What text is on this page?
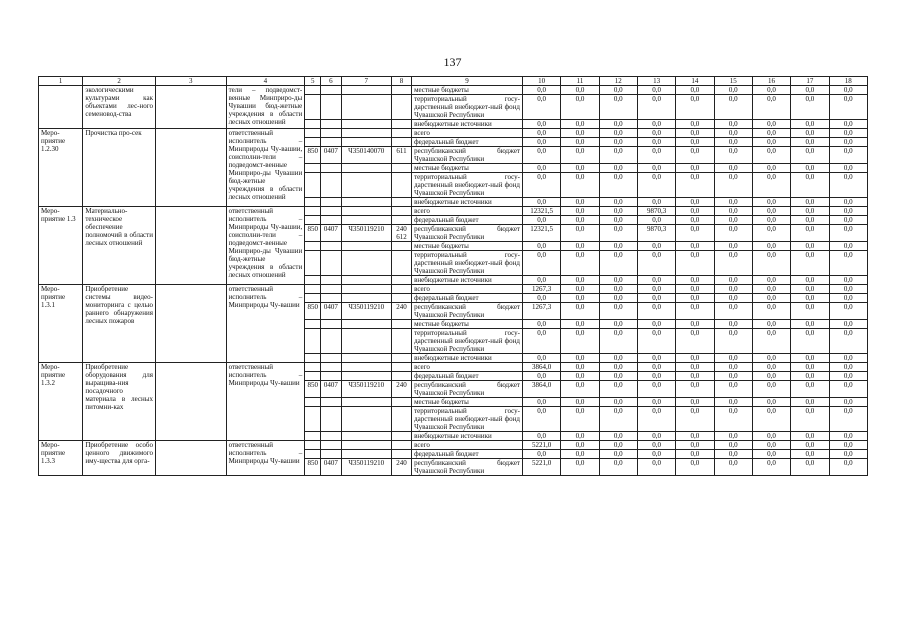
137
1	2	3	4	5	6	7	8	9	10	11	12	13	14	15	16	17	18
	экологическими культурами как объектами лес-ного семеновод-ства		тели – подведомст-венные Минприро-ды Чувашии бюд-жетные учреждения в области лесных отношений					местные бюджеты	0,0	0,0	0,0	0,0	0,0	0,0	0,0	0,0	0,0
								территориальный госу-дарственный внебюджет-ный фонд Чувашской Республики	0,0	0,0	0,0	0,0	0,0	0,0	0,0	0,0	0,0
								внебюджетные источники	0,0	0,0	0,0	0,0	0,0	0,0	0,0	0,0	0,0
Меро-приятие 1.2.30	Прочистка про-сек		ответственный исполнитель – Минприроды Чу-вашии, соисполни-тели – подведомст-венные Минприро-ды Чувашии бюд-жетные учреждения в области лесных отношений					всего	0,0	0,0	0,0	0,0	0,0	0,0	0,0	0,0	0,0
								федеральный бюджет	0,0	0,0	0,0	0,0	0,0	0,0	0,0	0,0	0,0
				850	0407	Ч350140070	611	республиканский бюджет Чувашской Республики	0,0	0,0	0,0	0,0	0,0	0,0	0,0	0,0	0,0
								местные бюджеты	0,0	0,0	0,0	0,0	0,0	0,0	0,0	0,0	0,0
								территориальный госу-дарственный внебюджет-ный фонд Чувашской Республики	0,0	0,0	0,0	0,0	0,0	0,0	0,0	0,0	0,0
								внебюджетные источники	0,0	0,0	0,0	0,0	0,0	0,0	0,0	0,0	0,0
Меро-приятие 1.3	Материально-техническое обеспечение полномочий в области лесных отношений		ответственный исполнитель – Минприроды Чу-вашии, соисполни-тели – подведомст-венные Минприро-ды Чувашии бюд-жетные учреждения в области лесных отношений					всего	12321,5	0,0	0,0	9870,3	0,0	0,0	0,0	0,0	0,0
								федеральный бюджет	0,0	0,0	0,0	0,0	0,0	0,0	0,0	0,0	0,0
				850	0407	Ч350119210	240 612	республиканский бюджет Чувашской Республики	12321,5	0,0	0,0	9870,3	0,0	0,0	0,0	0,0	0,0
								местные бюджеты	0,0	0,0	0,0	0,0	0,0	0,0	0,0	0,0	0,0
								территориальный госу-дарственный внебюджет-ный фонд Чувашской Республики	0,0	0,0	0,0	0,0	0,0	0,0	0,0	0,0	0,0
								внебюджетные источники	0,0	0,0	0,0	0,0	0,0	0,0	0,0	0,0	0,0
Меро-приятие 1.3.1	Приобретение системы видео-мониторинга с целью раннего обнаружения лесных пожаров		ответственный исполнитель – Минприроды Чу-вашии					всего	1267,3	0,0	0,0	0,0	0,0	0,0	0,0	0,0	0,0
								федеральный бюджет	0,0	0,0	0,0	0,0	0,0	0,0	0,0	0,0	0,0
				850	0407	Ч350119210	240	республиканский бюджет Чувашской Республики	1267,3	0,0	0,0	0,0	0,0	0,0	0,0	0,0	0,0
								местные бюджеты	0,0	0,0	0,0	0,0	0,0	0,0	0,0	0,0	0,0
								территориальный госу-дарственный внебюджет-ный фонд Чувашской Республики	0,0	0,0	0,0	0,0	0,0	0,0	0,0	0,0	0,0
								внебюджетные источники	0,0	0,0	0,0	0,0	0,0	0,0	0,0	0,0	0,0
Меро-приятие 1.3.2	Приобретение оборудования для выращива-ния посадочного материала в лесных питомни-ках		ответственный исполнитель – Минприроды Чу-вашии					всего	3864,0	0,0	0,0	0,0	0,0	0,0	0,0	0,0	0,0
								федеральный бюджет	0,0	0,0	0,0	0,0	0,0	0,0	0,0	0,0	0,0
				850	0407	Ч350119210	240	республиканский бюджет Чувашской Республики	3864,0	0,0	0,0	0,0	0,0	0,0	0,0	0,0	0,0
								местные бюджеты	0,0	0,0	0,0	0,0	0,0	0,0	0,0	0,0	0,0
								территориальный госу-дарственный внебюджет-ный фонд Чувашской Республики	0,0	0,0	0,0	0,0	0,0	0,0	0,0	0,0	0,0
								внебюджетные источники	0,0	0,0	0,0	0,0	0,0	0,0	0,0	0,0	0,0
Меро-приятие 1.3.3	Приобретение особо ценного движимого иму-щества для орга-		ответственный исполнитель – Минприроды Чу-вашии					всего	5221,0	0,0	0,0	0,0	0,0	0,0	0,0	0,0	0,0
								федеральный бюджет	0,0	0,0	0,0	0,0	0,0	0,0	0,0	0,0	0,0
				850	0407	Ч350119210	240	республиканский бюджет Чувашской Республики	5221,0	0,0	0,0	0,0	0,0	0,0	0,0	0,0	0,0
